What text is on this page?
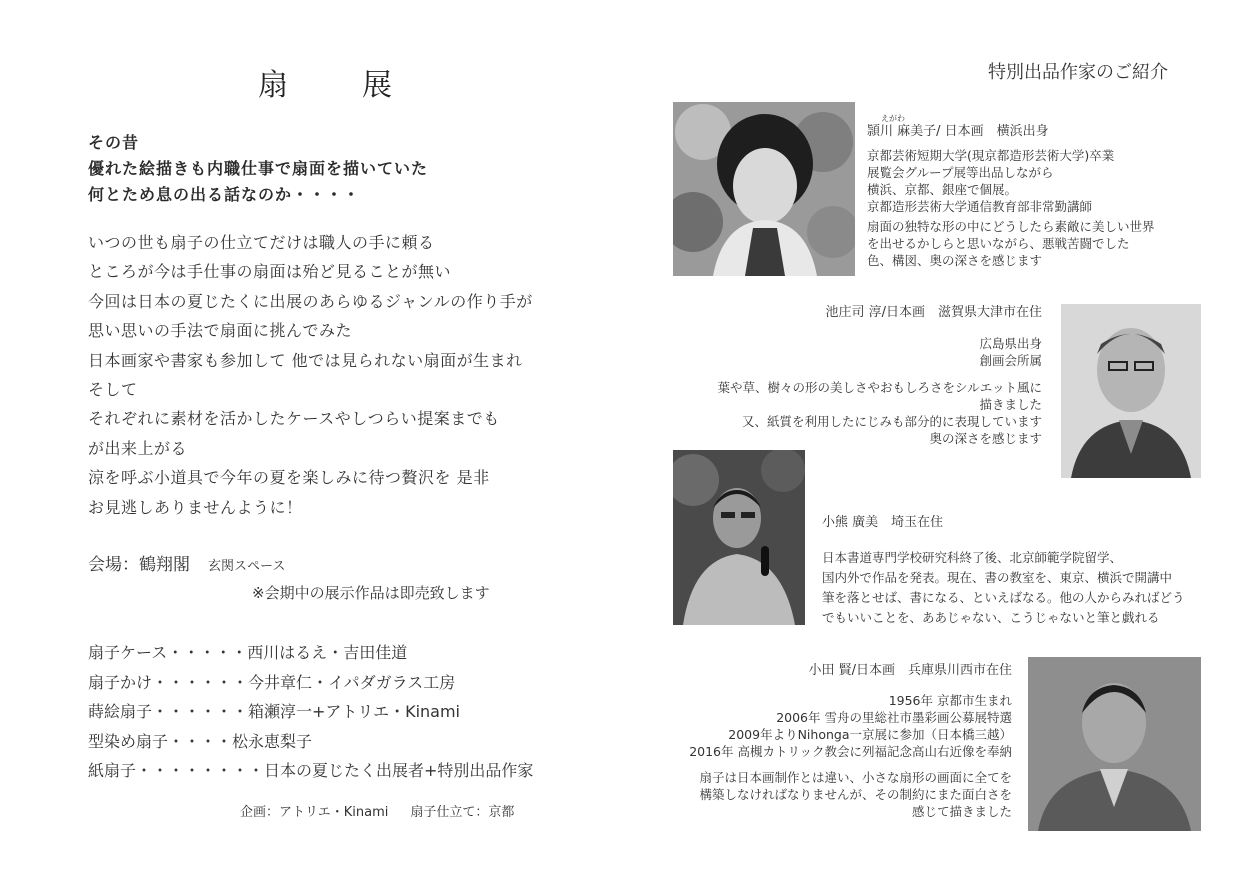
扇　展
その昔
優れた絵描きも内職仕事で扇面を描いていた
何とため息の出る話なのか・・・・
いつの世も扇子の仕立てだけは職人の手に頼る
ところが今は手仕事の扇面は殆ど見ることが無い
今回は日本の夏じたくに出展のあらゆるジャンルの作り手が
思い思いの手法で扇面に挑んでみた
日本画家や書家も参加して 他では見られない扇面が生まれ
そして
それぞれに素材を活かしたケースやしつらい提案までも
が出来上がる
涼を呼ぶ小道具で今年の夏を楽しみに待つ贅沢を 是非
お見逃しありませんように！
会場：鶴翔閣 玄関スペース
※会期中の展示作品は即売致します
扇子ケース・・・・・西川はるえ・吉田佳道
扇子かけ・・・・・・今井章仁・イパダガラス工房
蒔絵扇子・・・・・・箱瀬淳一+アトリエ・Kinami
型染め扇子・・・・松永恵梨子
紙扇子・・・・・・・・日本の夏じたく出展者+特別出品作家
企画：アトリエ・Kinami 扇子仕立て：京都
特別出品作家のご紹介
えがわ
頴川 麻美子/ 日本画　横浜出身
京都芸術短期大学(現京都造形芸術大学)卒業
展覧会グループ展等出品しながら
横浜、京都、銀座で個展。
京都造形芸術大学通信教育部非常勤講師
扇面の独特な形の中にどうしたら素敵に美しい世界
を出せるかしらと思いながら、悪戦苦闘でした
色、構図、奥の深さを感じます
池庄司 淳/日本画　滋賀県大津市在住
広島県出身
創画会所属
葉や草、樹々の形の美しさやおもしろさをシルエット風に
描きました
又、紙質を利用したにじみも部分的に表現しています
奥の深さを感じます
小熊 廣美　埼玉在住
日本書道専門学校研究科終了後、北京師範学院留学、
国内外で作品を発表。現在、書の教室を、東京、横浜で開講中
筆を落とせば、書になる、といえばなる。他の人からみればどう
でもいいことを、ああじゃない、こうじゃないと筆と戯れる
小田 賢/日本画　兵庫県川西市在住
1956年 京都市生まれ
2006年 雪舟の里総社市墨彩画公募展特選
2009年よりNihonga一京展に参加（日本橋三越）
2016年 高槻カトリック教会に列福記念高山右近像を奉納
扇子は日本画制作とは違い、小さな扇形の画面に全てを
構築しなければなりませんが、その制約にまた面白さを
感じて描きました
